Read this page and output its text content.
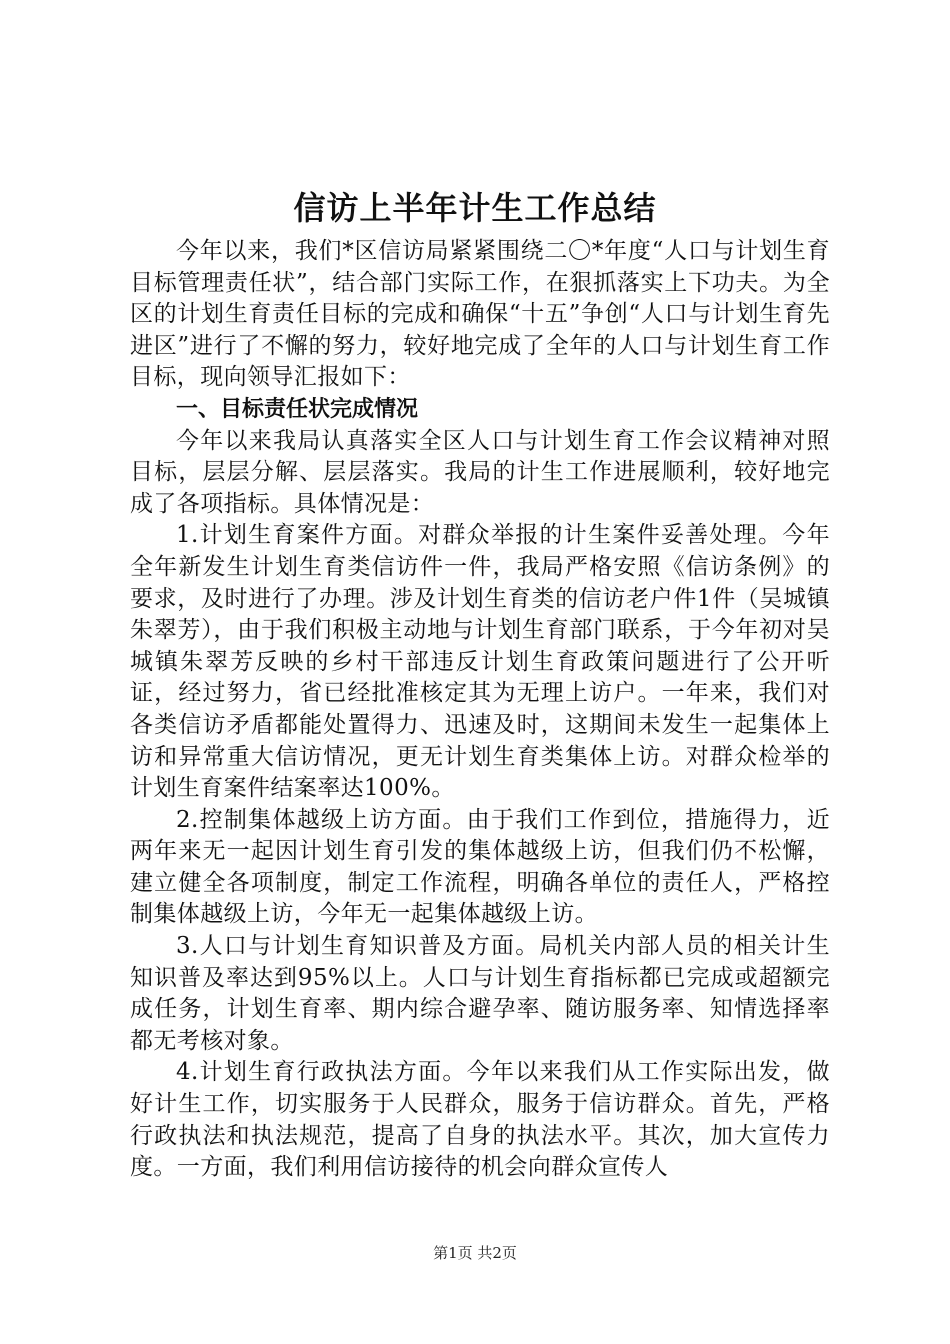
信访上半年计生工作总结

今年以来，我们*区信访局紧紧围绕二〇*年度“人口与计划生育目标管理责任状”，结合部门实际工作，在狠抓落实上下功夫。为全区的计划生育责任目标的完成和确保“十五”争创“人口与计划生育先进区”进行了不懈的努力，较好地完成了全年的人口与计划生育工作目标，现向领导汇报如下：

一、目标责任状完成情况

今年以来我局认真落实全区人口与计划生育工作会议精神对照目标，层层分解、层层落实。我局的计生工作进展顺利，较好地完成了各项指标。具体情况是：

1.计划生育案件方面。对群众举报的计生案件妥善处理。今年全年新发生计划生育类信访件一件，我局严格安照《信访条例》的要求，及时进行了办理。涉及计划生育类的信访老户件1件（吴城镇朱翠芳），由于我们积极主动地与计划生育部门联系，于今年初对吴城镇朱翠芳反映的乡村干部违反计划生育政策问题进行了公开听证，经过努力，省已经批准核定其为无理上访户。一年来，我们对各类信访矛盾都能处置得力、迅速及时，这期间未发生一起集体上访和异常重大信访情况，更无计划生育类集体上访。对群众检举的计划生育案件结案率达100%。

2.控制集体越级上访方面。由于我们工作到位，措施得力，近两年来无一起因计划生育引发的集体越级上访，但我们仍不松懈，建立健全各项制度，制定工作流程，明确各单位的责任人，严格控制集体越级上访，今年无一起集体越级上访。

3.人口与计划生育知识普及方面。局机关内部人员的相关计生知识普及率达到95%以上。人口与计划生育指标都已完成或超额完成任务，计划生育率、期内综合避孕率、随访服务率、知情选择率都无考核对象。

4.计划生育行政执法方面。今年以来我们从工作实际出发，做好计生工作，切实服务于人民群众，服务于信访群众。首先，严格行政执法和执法规范，提高了自身的执法水平。其次，加大宣传力度。一方面，我们利用信访接待的机会向群众宣传人

第1页 共2页
